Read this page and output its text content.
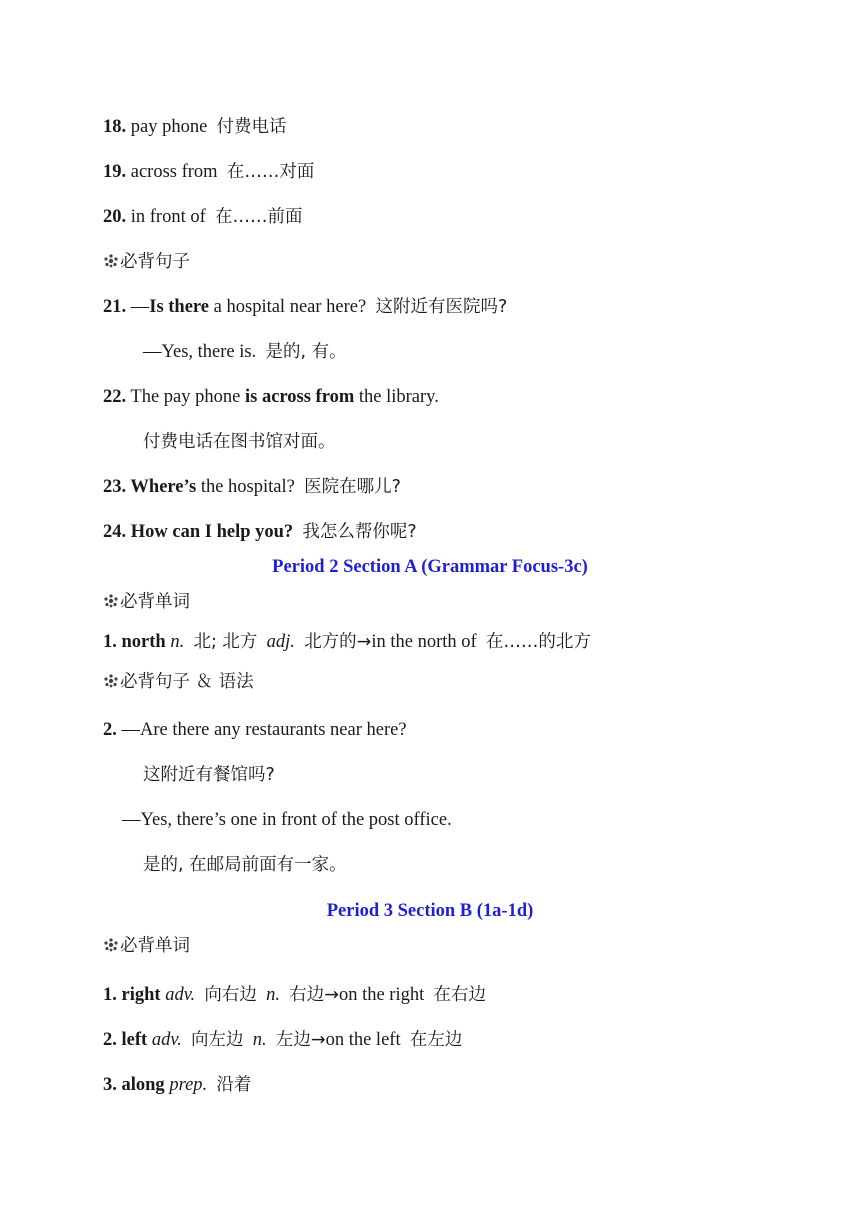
18. pay phone 付费电话
19. across from 在……对面
20. in front of 在……前面
必背句子
21. —Is there a hospital near here? 这附近有医院吗?
—Yes, there is. 是的, 有。
22. The pay phone is across from the library.
付费电话在图书馆对面。
23. Where’s the hospital? 医院在哪儿?
24. How can I help you? 我怎么帮你呢?
Period 2 Section A (Grammar Focus-3c)
必背单词
1. north n. 北; 北方 adj. 北方的→in the north of 在……的北方
必背句子 ＆ 语法
2. —Are there any restaurants near here?
这附近有餐馆吗?
—Yes, there’s one in front of the post office.
是的, 在邮局前面有一家。
Period 3 Section B (1a-1d)
必背单词
1. right adv. 向右边 n. 右边→on the right 在右边
2. left adv. 向左边 n. 左边→on the left 在左边
3. along prep. 沿着
